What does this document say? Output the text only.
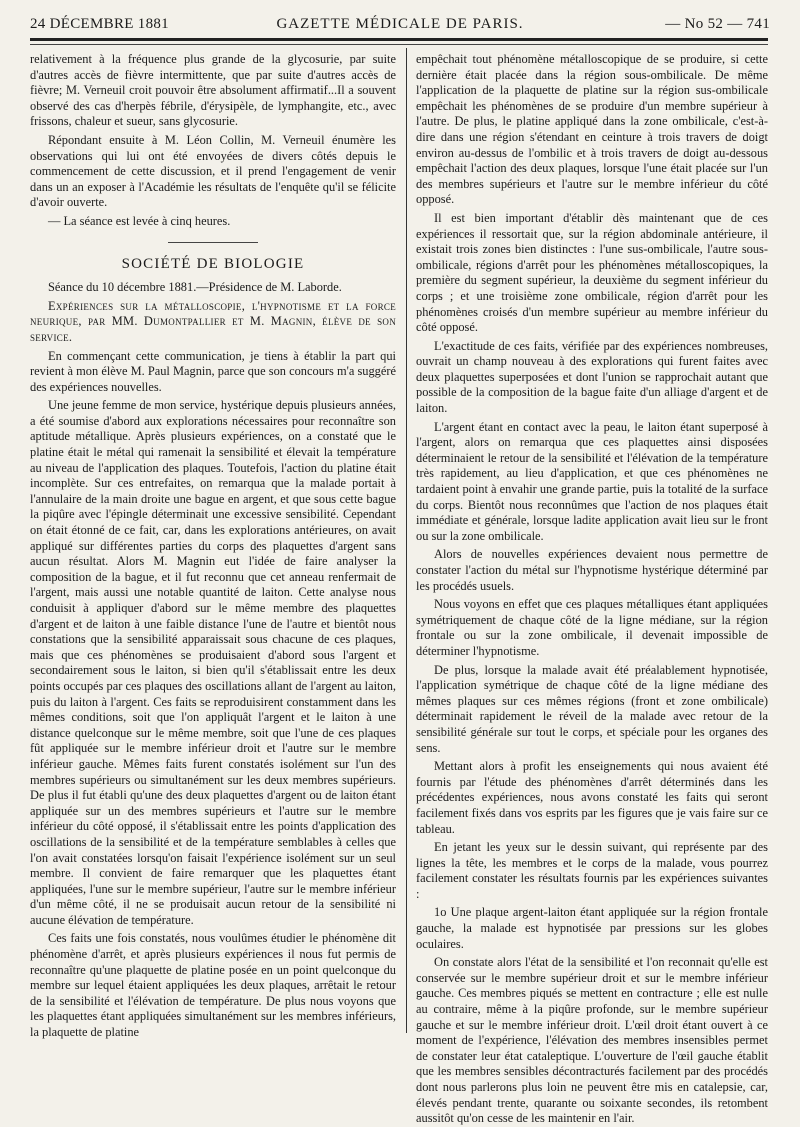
24 DÉCEMBRE 1881	GAZETTE MÉDICALE DE PARIS.	— No 52 — 741

relativement à la fréquence plus grande de la glycosurie, par suite d'autres accès de fièvre intermittente, que par suite d'autres accès de fièvre; M. Verneuil croit pouvoir être absolument affirmatif...Il a souvent observé des cas d'herpès fébrile, d'érysipèle, de lymphangite, etc., avec frissons, chaleur et sueur, sans glycosurie.

Répondant ensuite à M. Léon Collin, M. Verneuil énumère les observations qui lui ont été envoyées de divers côtés depuis le commencement de cette discussion, et il prend l'engagement de venir dans un an exposer à l'Académie les résultats de l'enquête qu'il se félicite d'avoir ouverte.

— La séance est levée à cinq heures.

SOCIÉTÉ DE BIOLOGIE

Séance du 10 décembre 1881.—Présidence de M. Laborde.

Expériences sur la métalloscopie, l'hypnotisme et la force neurique, par MM. Dumontpallier et M. Magnin, élève de son service.

En commençant cette communication, je tiens à établir la part qui revient à mon élève M. Paul Magnin, parce que son concours m'a suggéré des expériences nouvelles.

Une jeune femme de mon service, hystérique depuis plusieurs années, a été soumise d'abord aux explorations nécessaires pour reconnaître son aptitude métallique. Après plusieurs expériences, on a constaté que le platine était le métal qui ramenait la sensibilité et élevait la température au niveau de l'application des plaques. Toutefois, l'action du platine était incomplète. Sur ces entrefaites, on remarqua que la malade portait à l'annulaire de la main droite une bague en argent, et que sous cette bague la piqûre avec l'épingle déterminait une excessive sensibilité. Cependant on était étonné de ce fait, car, dans les explorations antérieures, on avait appliqué sur différentes parties du corps des plaquettes d'argent sans aucun résultat. Alors M. Magnin eut l'idée de faire analyser la composition de la bague, et il fut reconnu que cet anneau renfermait de l'argent, mais aussi une notable quantité de laiton. Cette analyse nous conduisit à appliquer d'abord sur le même membre des plaquettes d'argent et de laiton à une faible distance l'une de l'autre et bientôt nous constations que la sensibilité apparaissait sous chacune de ces plaques, mais que ces phénomènes se produisaient d'abord sous l'argent et secondairement sous le laiton, si bien qu'il s'établissait entre les deux points occupés par ces plaques des oscillations allant de l'argent au laiton, puis du laiton à l'argent. Ces faits se reproduisirent constamment dans les mêmes conditions, soit que l'on appliquât l'argent et le laiton à une distance quelconque sur le même membre, soit que l'une de ces plaques fût appliquée sur le membre inférieur droit et l'autre sur le membre inférieur gauche. Mêmes faits furent constatés isolément sur l'un des membres supérieurs ou simultanément sur les deux membres supérieurs. De plus il fut établi qu'une des deux plaquettes d'argent ou de laiton étant appliquée sur un des membres supérieurs et l'autre sur le membre inférieur du côté opposé, il s'établissait entre les points d'application des oscillations de la sensibilité et de la température semblables à celles que l'on avait constatées lorsqu'on faisait l'expérience isolément sur un seul membre. Il convient de faire remarquer que les plaquettes étant appliquées, l'une sur le membre supérieur, l'autre sur le membre inférieur d'un même côté, il ne se produisait aucun retour de la sensibilité ni aucune élévation de température.

Ces faits une fois constatés, nous voulûmes étudier le phénomène dit phénomène d'arrêt, et après plusieurs expériences il nous fut permis de reconnaître qu'une plaquette de platine posée en un point quelconque du membre sur lequel étaient appliquées les deux plaques, arrêtait le retour de la sensibilité et l'élévation de température. De plus nous voyons que les plaquettes étant appliquées simultanément sur les membres inférieurs, la plaquette de platine

empêchait tout phénomène métalloscopique de se produire, si cette dernière était placée dans la région sous-ombilicale. De même l'application de la plaquette de platine sur la région sus-ombilicale empêchait les phénomènes de se produire d'un membre supérieur à l'autre. De plus, le platine appliqué dans la zone ombilicale, c'est-à-dire dans une région s'étendant en ceinture à trois travers de doigt environ au-dessus de l'ombilic et à trois travers de doigt au-dessous empêchait l'action des deux plaques, lorsque l'une était placée sur l'un des membres supérieurs et l'autre sur le membre inférieur du côté opposé.

Il est bien important d'établir dès maintenant que de ces expériences il ressortait que, sur la région abdominale antérieure, il existait trois zones bien distinctes : l'une sus-ombilicale, l'autre sous-ombilicale, régions d'arrêt pour les phénomènes métalloscopiques, la première du segment supérieur, la deuxième du segment inférieur du corps ; et une troisième zone ombilicale, région d'arrêt pour les phénomènes croisés d'un membre supérieur au membre inférieur du côté opposé.

L'exactitude de ces faits, vérifiée par des expériences nombreuses, ouvrait un champ nouveau à des explorations qui furent faites avec deux plaquettes superposées et dont l'union se rapprochait autant que possible de la composition de la bague faite d'un alliage d'argent et de laiton.

L'argent étant en contact avec la peau, le laiton étant superposé à l'argent, alors on remarqua que ces plaquettes ainsi disposées déterminaient le retour de la sensibilité et l'élévation de la température très rapidement, au lieu d'application, et que ces phénomènes ne tardaient point à envahir une grande partie, puis la totalité de la surface du corps. Bientôt nous reconnûmes que l'action de nos plaques était immédiate et générale, lorsque ladite application avait lieu sur le front ou sur la zone ombilicale.

Alors de nouvelles expériences devaient nous permettre de constater l'action du métal sur l'hypnotisme hystérique déterminé par les procédés usuels.

Nous voyons en effet que ces plaques métalliques étant appliquées symétriquement de chaque côté de la ligne médiane, sur la région frontale ou sur la zone ombilicale, il devenait impossible de déterminer l'hypnotisme.

De plus, lorsque la malade avait été préalablement hypnotisée, l'application symétrique de chaque côté de la ligne médiane des mêmes plaques sur ces mêmes régions (front et zone ombilicale) déterminait rapidement le réveil de la malade avec retour de la sensibilité générale sur tout le corps, et spéciale pour les organes des sens.

Mettant alors à profit les enseignements qui nous avaient été fournis par l'étude des phénomènes d'arrêt déterminés dans les précédentes expériences, nous avons constaté les faits qui seront facilement fixés dans vos esprits par les figures que je vais faire sur ce tableau.

En jetant les yeux sur le dessin suivant, qui représente par des lignes la tête, les membres et le corps de la malade, vous pourrez facilement constater les résultats fournis par les expériences suivantes :

1o Une plaque argent-laiton étant appliquée sur la région frontale gauche, la malade est hypnotisée par pressions sur les globes oculaires.

On constate alors l'état de la sensibilité et l'on reconnait qu'elle est conservée sur le membre supérieur droit et sur le membre inférieur gauche. Ces membres piqués se mettent en contracture ; elle est nulle au contraire, même à la piqûre profonde, sur le membre supérieur gauche et sur le membre inférieur droit. L'œil droit étant ouvert à ce moment de l'expérience, l'élévation des membres insensibles permet de constater leur état cataleptique. L'ouverture de l'œil gauche établit que les membres sensibles décontracturés facilement par des procédés dont nous parlerons plus loin ne peuvent être mis en catalepsie, car, élevés pendant trente, quarante ou soixante secondes, ils retombent aussitôt qu'on cesse de les maintenir en l'air.
